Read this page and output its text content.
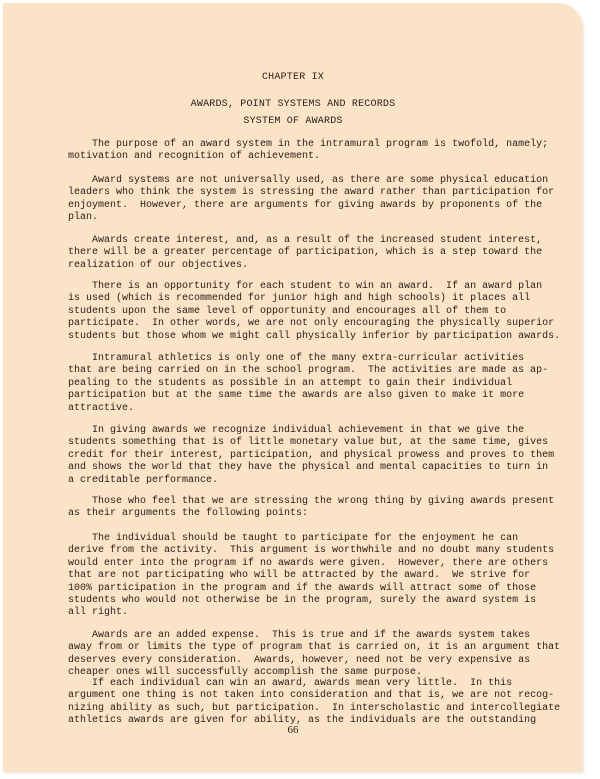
CHAPTER IX
AWARDS, POINT SYSTEMS AND RECORDS
SYSTEM OF AWARDS
The purpose of an award system in the intramural program is twofold, namely;
motivation and recognition of achievement.
Award systems are not universally used, as there are some physical education
leaders who think the system is stressing the award rather than participation for
enjoyment.  However, there are arguments for giving awards by proponents of the
plan.
Awards create interest, and, as a result of the increased student interest,
there will be a greater percentage of participation, which is a step toward the
realization of our objectives.
There is an opportunity for each student to win an award.  If an award plan
is used (which is recommended for junior high and high schools) it places all
students upon the same level of opportunity and encourages all of them to
participate.  In other words, we are not only encouraging the physically superior
students but those whom we might call physically inferior by participation awards.
Intramural athletics is only one of the many extra-curricular activities
that are being carried on in the school program.  The activities are made as ap-
pealing to the students as possible in an attempt to gain their individual
participation but at the same time the awards are also given to make it more
attractive.
In giving awards we recognize individual achievement in that we give the
students something that is of little monetary value but, at the same time, gives
credit for their interest, participation, and physical prowess and proves to them
and shows the world that they have the physical and mental capacities to turn in
a creditable performance.
Those who feel that we are stressing the wrong thing by giving awards present
as their arguments the following points:
The individual should be taught to participate for the enjoyment he can
derive from the activity.  This argument is worthwhile and no doubt many students
would enter into the program if no awards were given.  However, there are others
that are not participating who will be attracted by the award.  We strive for
100% participation in the program and if the awards will attract some of those
students who would not otherwise be in the program, surely the award system is
all right.
Awards are an added expense.  This is true and if the awards system takes
away from or limits the type of program that is carried on, it is an argument that
deserves every consideration.  Awards, however, need not be very expensive as
cheaper ones will successfully accomplish the same purpose.
If each individual can win an award, awards mean very little.  In this
argument one thing is not taken into consideration and that is, we are not recog-
nizing ability as such, but participation.  In interscholastic and intercollegiate
athletics awards are given for ability, as the individuals are the outstanding
66
